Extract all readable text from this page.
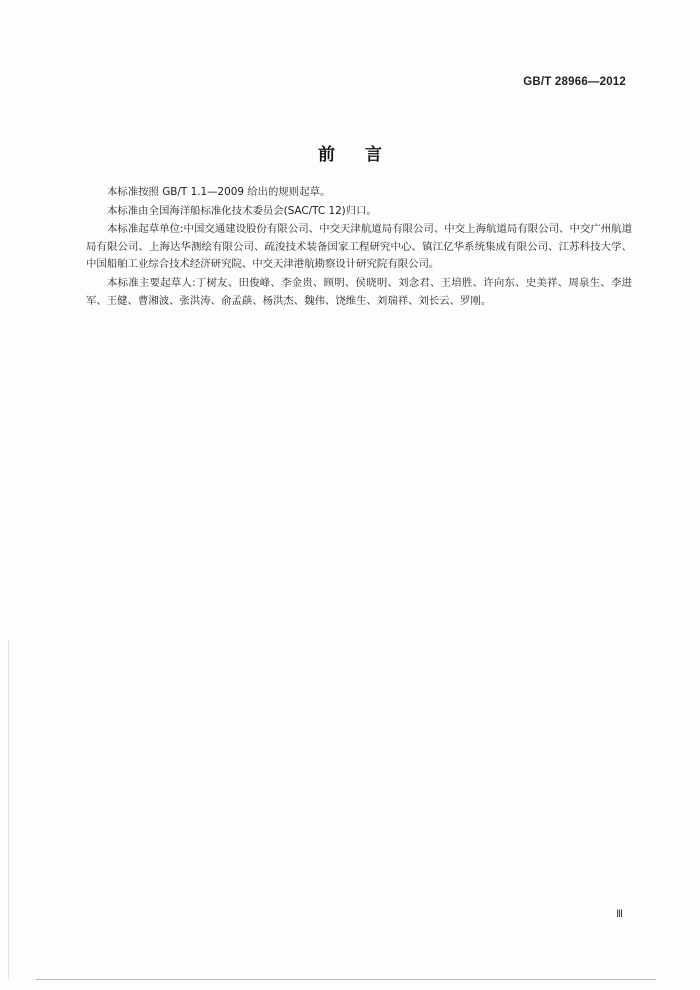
GB/T 28966—2012
前言

本标准按照 GB/T 1.1—2009 给出的规则起草。

本标准由全国海洋船标准化技术委员会(SAC/TC 12)归口。

本标准起草单位:中国交通建设股份有限公司、中交天津航道局有限公司、中交上海航道局有限公司、中交广州航道局有限公司、上海达华测绘有限公司、疏浚技术装备国家工程研究中心、镇江亿华系统集成有限公司、江苏科技大学、中国船舶工业综合技术经济研究院、中交天津港航勘察设计研究院有限公司。

本标准主要起草人:丁树友、田俊峰、李金贵、顾明、侯晓明、刘念君、王培胜、许向东、史美祥、周泉生、李进军、王健、曹湘波、张洪涛、俞孟蕻、杨洪杰、魏伟、饶维生、刘瑞祥、刘长云、罗刚。

Ⅲ
